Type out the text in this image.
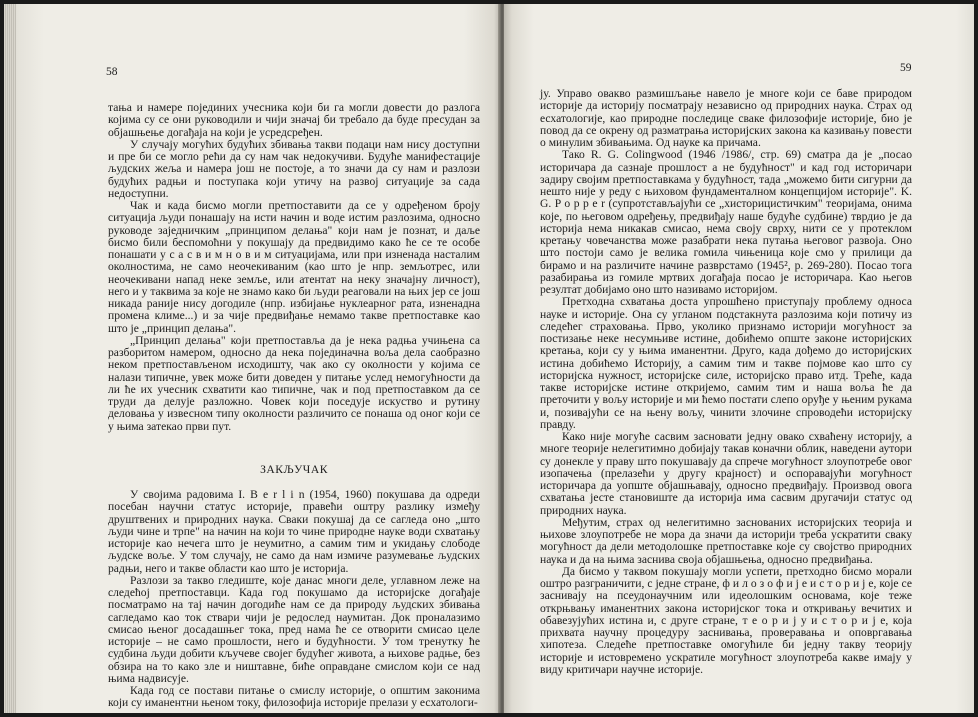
58

тања и намере појединих учесника који би га могли довести до разлога којима су се они руководили и чији значај би требало да буде пресудан за објашњење догађаја на који је усредсређен.

У случају могућих будућих збивања такви подаци нам нису доступни и пре би се могло рећи да су нам чак недокучиви. Будуће манифестације људских жеља и намера још не постоје, а то значи да су нам и разлози будућих радњи и поступака који утичу на развој ситуације за сада недоступни.

Чак и када бисмо могли претпоставити да се у одређеном броју ситуација људи понашају на исти начин и воде истим разлозима, односно руководе заједничким „принципом делања" који нам је познат, и даље бисмо били беспомоћни у покушају да предвидимо како ће се те особе понашати у с а с в и м н о в и м ситуацијама, или при изненада насталим околностима, не само неочекиваним (као што је нпр. земљотрес, или неочекивани напад неке земље, или атентат на неку значајну личност), него и у таквима за које не знамо како би људи реаговали на њих јер се још никада раније нису догодиле (нпр. избијање нуклеарног рата, изненадна промена климе...) и за чије предвиђање немамо такве претпоставке као што је „принцип делања".

„Принцип делања" који претпоставља да је нека радња учињена са разборитом намером, односно да нека појединачна воља дела саобразно неком претпостављеном исходишту, чак ако су околности у којима се налази типичне, увек може бити доведен у питање услед немогућности да ли ће их учесник схватити као типичне, чак и под претпоставком да се труди да делује разложно. Човек који поседује искуство и рутину деловања у извесном типу околности различито се понаша од оног који се у њима затекао први пут.

ЗАКЉУЧАК

У својима радовима I. B e r l i n (1954, 1960) покушава да одреди посебан научни статус историје, правећи оштру разлику између друштвених и природних наука. Сваки покушај да се сагледа оно „што људи чине и трпе" на начин на који то чине природне науке води схватању историје као нечега што је неумитно, а самим тим и укидању слободе људске воље. У том случају, не само да нам измиче разумевање људских радњи, него и такве области као што је историја.

Разлози за такво гледиште, које данас многи деле, углавном леже на следећој претпоставци. Када год покушамо да историјске догађаје посматрамо на тај начин догодиће нам се да природу људских збивања сагледамо као ток ствари чији је редослед наумитан. Док проналазимо смисао њеног досадашњег тока, пред нама ће се отворити смисао целе историје – не само прошлости, него и будућности. У том тренутку ће судбина људи добити кључеве својег будућег живота, а њихове радње, без обзира на то како зле и ништавне, биће оправдане смислом који се над њима надвисује.

Када год се постави питање о смислу историје, о општим законима који су иманентни њеном току, филозофија историје прелази у есхатологи-

59

ју. Управо овакво размишљање навело је многе који се баве природом историје да историју посматрају независно од природних наука. Страх од есхатологије, као природне последице сваке филозофије историје, био је повод да се окрену од разматрања историјских закона ка казивању повести о минулим збивањима. Од науке ка причама.

Тако R. G. Colingwood (1946 /1986/, стр. 69) сматра да је „посао историчара да сазнаје прошлост а не будућност" и кад год историчари задиру својим претпоставкама у будућност, тада „можемо бити сигурни да нешто није у реду с њиховом фундаменталном концепцијом историје". K. G. P o p p e r (супротстављајући се „хисторицистичким" теоријама, онима које, по његовом одређењу, предвиђају наше будуће судбине) тврдио је да историја нема никакав смисао, нема своју сврху, нити се у протеклом кретању човечанства може разабрати нека путања његовог развоја. Оно што постоји само је велика гомила чињеница које смо у прилици да бирамо и на различите начине разврстамо (1945², p. 269-280). Посао тога разабирања из гомиле мртвих догађаја посао је историчара. Као његов резултат добијамо оно што називамо историјом.

Претходна схватања доста упрошћено приступају проблему односа науке и историје. Она су угланом подстакнута разлозима који потичу из следећег страховања. Прво, уколико признамо историји могућност за постизање неке несумњиве истине, добићемо опште законе историјских кретања, који су у њима иманентни. Друго, када дођемо до историјских истина добићемо Историју, а самим тим и такве појмове као што су историјска нужност, историјске силе, историјско право итд. Треће, када такве историјске истине откријемо, самим тим и наша воља ће да преточити у вољу историје и ми ћемо постати слепо оруђе у њеним рукама и, позивајући се на њену вољу, чинити злочине спроводећи историјску правду.

Како није могуће сасвим засновати једну овако схваћену историју, а многе теорије нелегитимно добијају такав коначни облик, наведени аутори су донекле у праву што покушавају да спрече могућност злоупотребе овог изопачења (прелазећи у другу крајност) и оспоравајући могућност историчара да уопште објашњавају, односно предвиђају. Производ овога схватања јесте становиште да историја има сасвим другачији статус од природних наука.

Међутим, страх од нелегитимно заснованих историјских теорија и њихове злоупотребе не мора да значи да историји треба ускратити сваку могућност да дели методолошке претпоставке које су својство природних наука и да на њима заснива своја објашњења, односно предвиђања.

Да бисмо у таквом покушају могли успети, претходно бисмо морали оштро разграничити, с једне стране, ф и л о з о ф и ј е и с т о р и ј е, које се заснивају на псеудонаучним или идеолошким основама, које теже открњвању иманентних закона историјског тока и откривању вечитих и обавезујућих истина и, с друге стране, т е о р и ј у и с т о р и ј е, која прихвата научну процедуру заснивања, проверавања и оповргавања хипотеза. Следеће претпоставке омогућиле би једну такву теорију историје и истовремено ускратиле могућност злоупотреба какве имају у виду критичари научне историје.
